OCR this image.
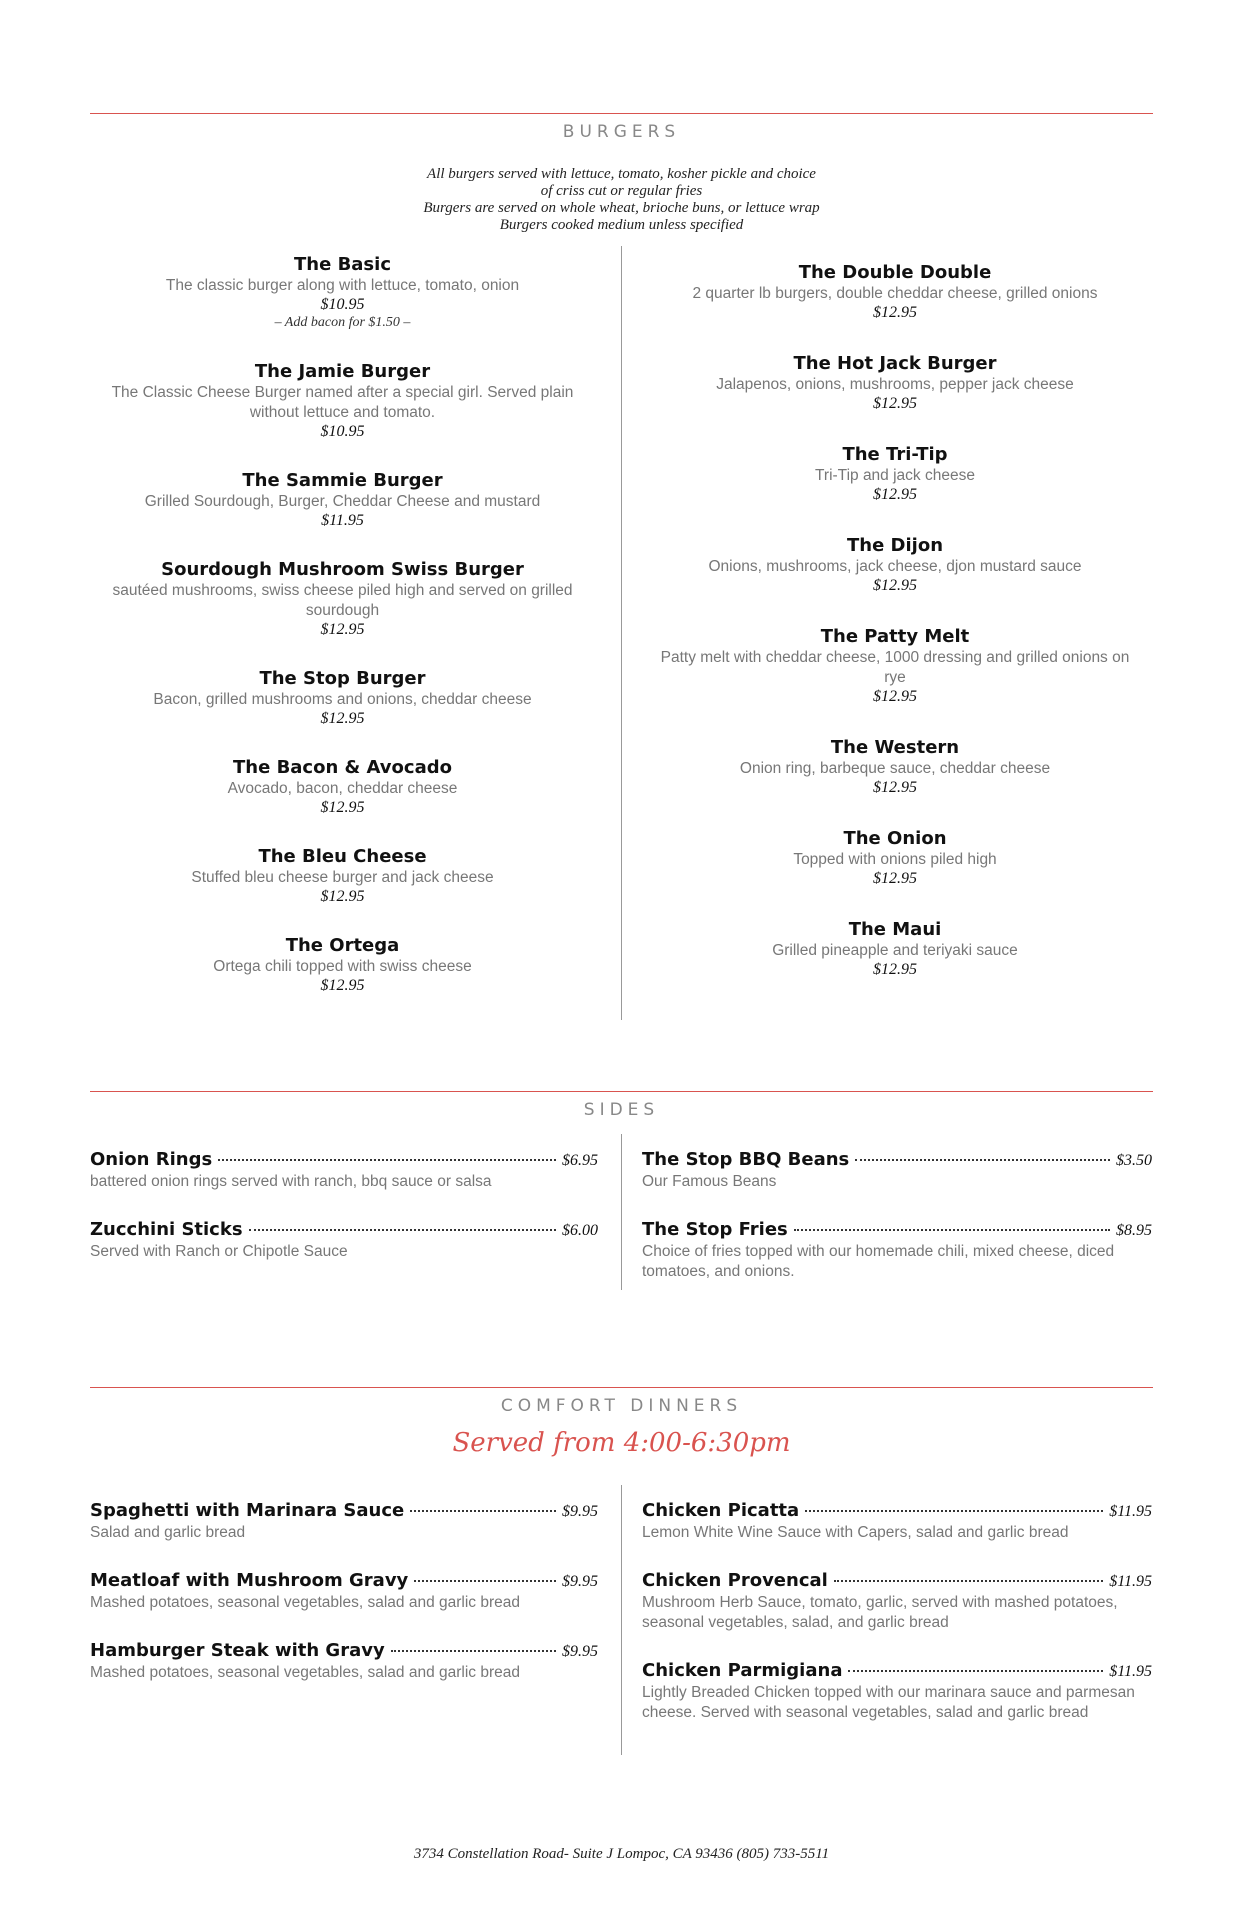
BURGERS
All burgers served with lettuce, tomato, kosher pickle and choice
of criss cut or regular fries
Burgers are served on whole wheat, brioche buns, or lettuce wrap
Burgers cooked medium unless specified
The Basic
The classic burger along with lettuce, tomato, onion
$10.95
– Add bacon for $1.50 –
The Jamie Burger
The Classic Cheese Burger named after a special girl. Served plain without lettuce and tomato.
$10.95
The Sammie Burger
Grilled Sourdough, Burger, Cheddar Cheese and mustard
$11.95
Sourdough Mushroom Swiss Burger
sautéed mushrooms, swiss cheese piled high and served on grilled sourdough
$12.95
The Stop Burger
Bacon, grilled mushrooms and onions, cheddar cheese
$12.95
The Bacon & Avocado
Avocado, bacon, cheddar cheese
$12.95
The Bleu Cheese
Stuffed bleu cheese burger and jack cheese
$12.95
The Ortega
Ortega chili topped with swiss cheese
$12.95
The Double Double
2 quarter lb burgers, double cheddar cheese, grilled onions
$12.95
The Hot Jack Burger
Jalapenos, onions, mushrooms, pepper jack cheese
$12.95
The Tri-Tip
Tri-Tip and jack cheese
$12.95
The Dijon
Onions, mushrooms, jack cheese, djon mustard sauce
$12.95
The Patty Melt
Patty melt with cheddar cheese, 1000 dressing and grilled onions on rye
$12.95
The Western
Onion ring, barbeque sauce, cheddar cheese
$12.95
The Onion
Topped with onions piled high
$12.95
The Maui
Grilled pineapple and teriyaki sauce
$12.95
SIDES
Onion Rings	$6.95
battered onion rings served with ranch, bbq sauce or salsa
Zucchini Sticks	$6.00
Served with Ranch or Chipotle Sauce
The Stop BBQ Beans	$3.50
Our Famous Beans
The Stop Fries	$8.95
Choice of fries topped with our homemade chili, mixed cheese, diced tomatoes, and onions.
COMFORT DINNERS
Served from 4:00-6:30pm
Spaghetti with Marinara Sauce	$9.95
Salad and garlic bread
Meatloaf with Mushroom Gravy	$9.95
Mashed potatoes, seasonal vegetables, salad and garlic bread
Hamburger Steak with Gravy	$9.95
Mashed potatoes, seasonal vegetables, salad and garlic bread
Chicken Picatta	$11.95
Lemon White Wine Sauce with Capers, salad and garlic bread
Chicken Provencal	$11.95
Mushroom Herb Sauce, tomato, garlic, served with mashed potatoes, seasonal vegetables, salad, and garlic bread
Chicken Parmigiana	$11.95
Lightly Breaded Chicken topped with our marinara sauce and parmesan cheese. Served with seasonal vegetables, salad and garlic bread
3734 Constellation Road- Suite J Lompoc, CA 93436 (805) 733-5511
